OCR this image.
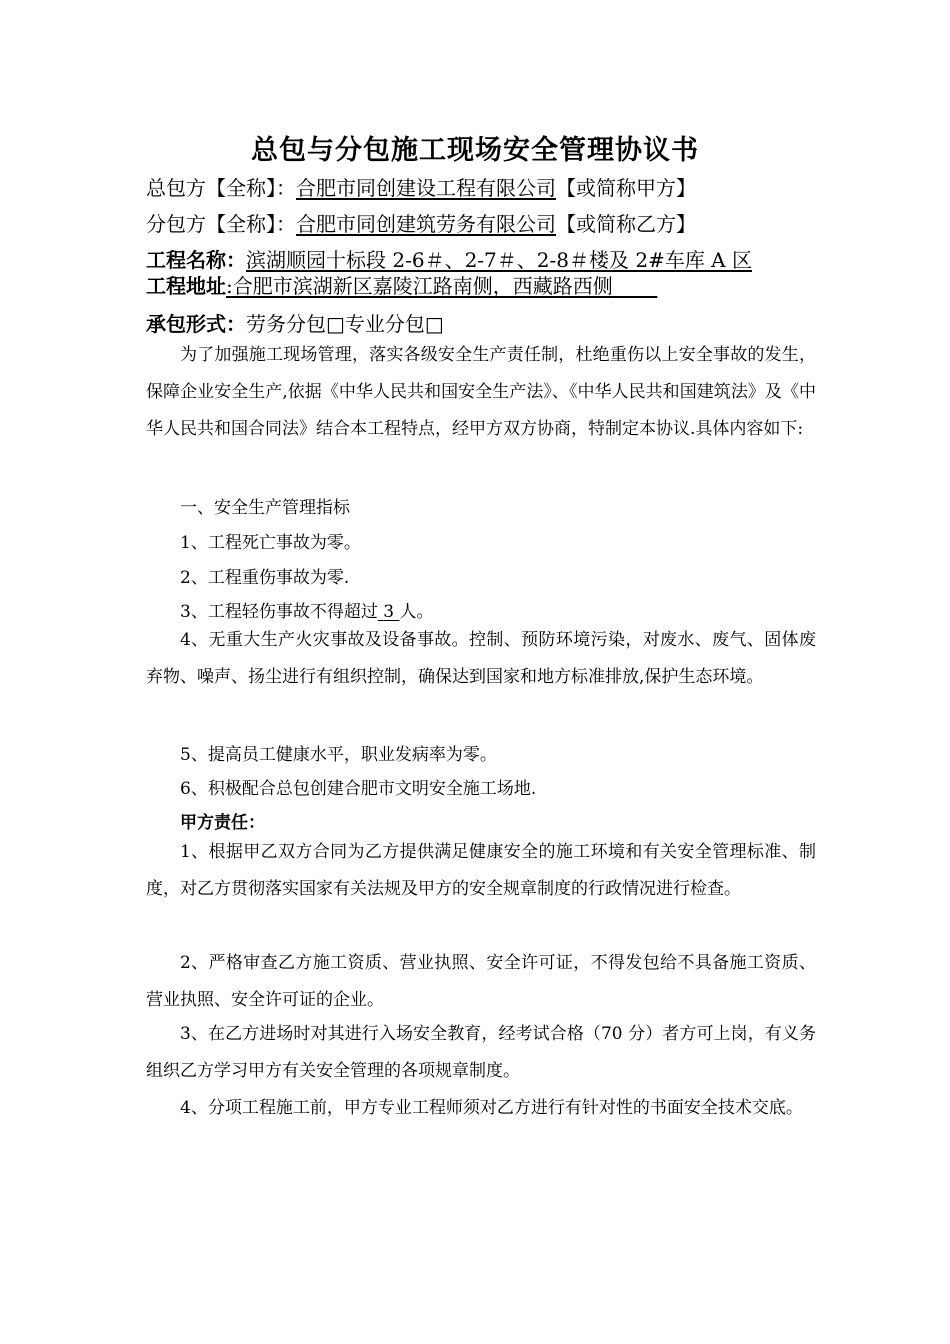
总包与分包施工现场安全管理协议书
总包方【全称】：合肥市同创建设工程有限公司【或简称甲方】
分包方【全称】：合肥市同创建筑劳务有限公司【或简称乙方】
工程名称：滨湖顺园十标段 2-6＃、2-7＃、2-8＃楼及 2#车库 A 区
工程地址:合肥市滨湖新区嘉陵江路南侧，西藏路西侧
承包形式：劳务分包□专业分包□

为了加强施工现场管理，落实各级安全生产责任制，杜绝重伤以上安全事故的发生，保障企业安全生产,依据《中华人民共和国安全生产法》、《中华人民共和国建筑法》及《中华人民共和国合同法》结合本工程特点，经甲方双方协商，特制定本协议.具体内容如下:

一、安全生产管理指标
1、工程死亡事故为零。
2、工程重伤事故为零.
3、工程轻伤事故不得超过 3 人。

4、无重大生产火灾事故及设备事故。控制、预防环境污染，对废水、废气、固体废弃物、噪声、扬尘进行有组织控制，确保达到国家和地方标准排放,保护生态环境。

5、提高员工健康水平，职业发病率为零。
6、积极配合总包创建合肥市文明安全施工场地.
甲方责任：

1、根据甲乙双方合同为乙方提供满足健康安全的施工环境和有关安全管理标准、制度，对乙方贯彻落实国家有关法规及甲方的安全规章制度的行政情况进行检查。

2、严格审查乙方施工资质、营业执照、安全许可证，不得发包给不具备施工资质、营业执照、安全许可证的企业。

3、在乙方进场时对其进行入场安全教育，经考试合格（70 分）者方可上岗，有义务组织乙方学习甲方有关安全管理的各项规章制度。

4、分项工程施工前，甲方专业工程师须对乙方进行有针对性的书面安全技术交底。
